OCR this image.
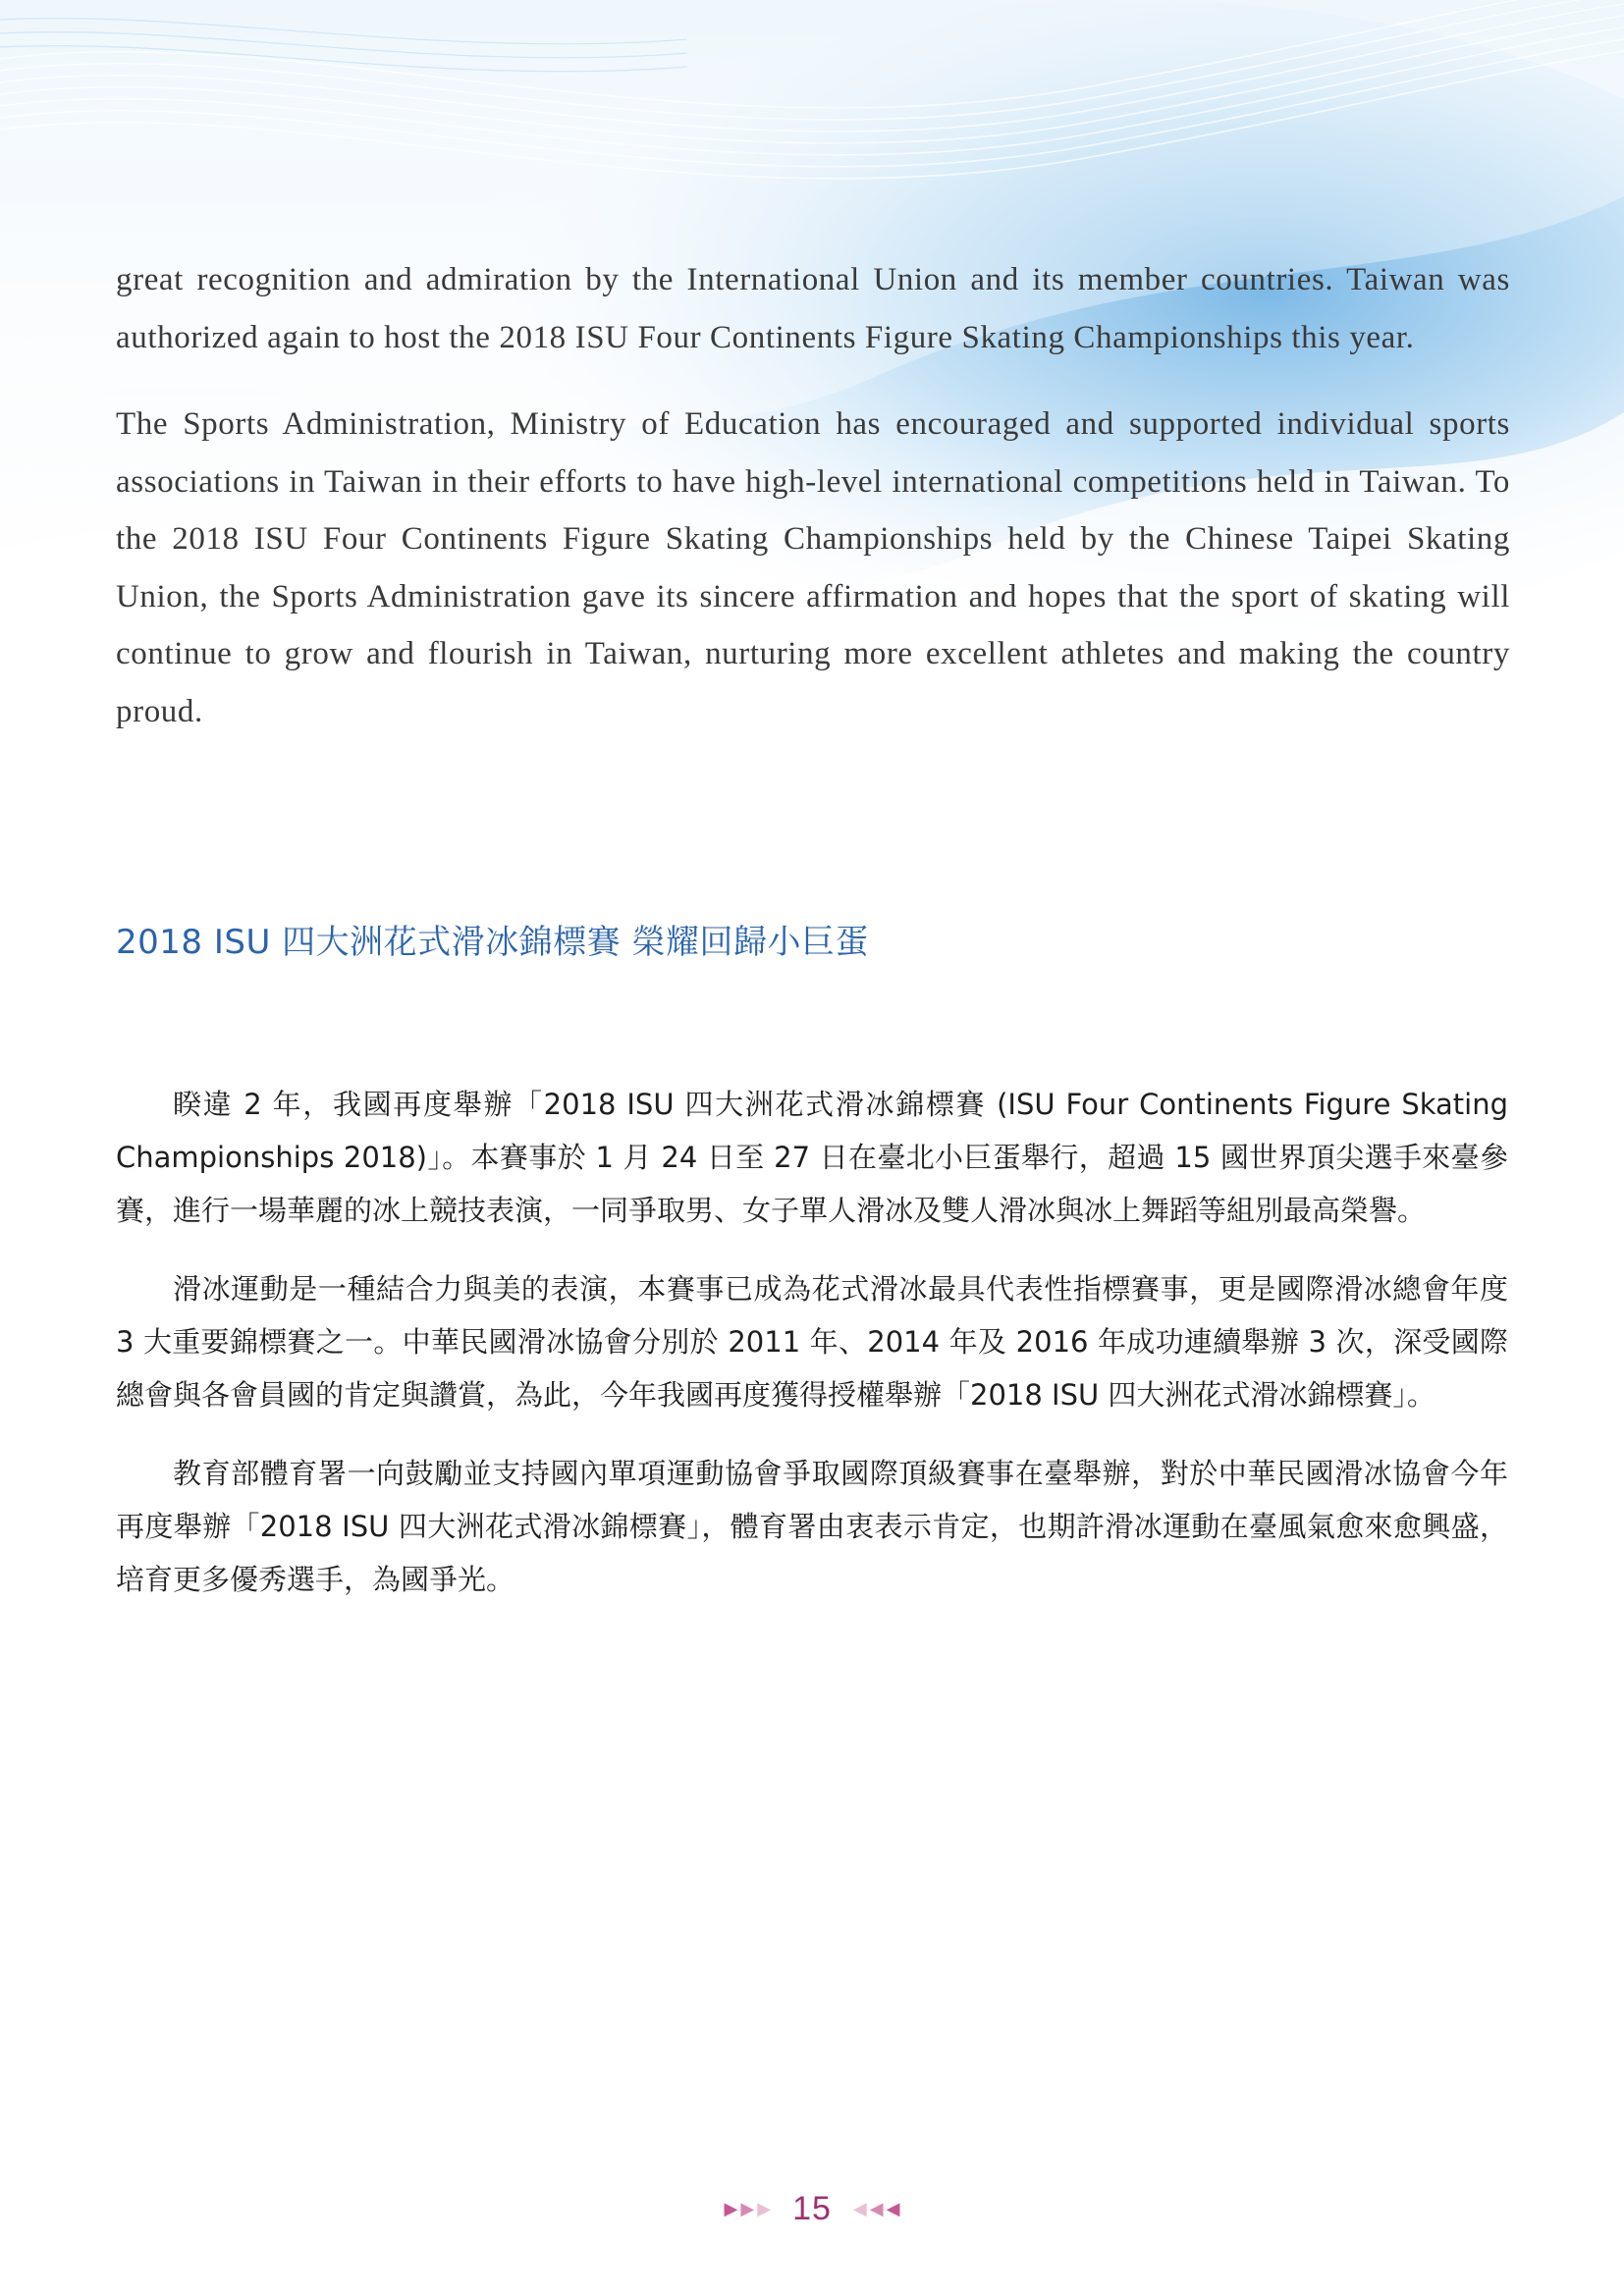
great recognition and admiration by the International Union and its member countries. Taiwan was authorized again to host the 2018 ISU Four Continents Figure Skating Championships this year.

The Sports Administration, Ministry of Education has encouraged and supported individual sports associations in Taiwan in their efforts to have high-level international competitions held in Taiwan. To the 2018 ISU Four Continents Figure Skating Championships held by the Chinese Taipei Skating Union, the Sports Administration gave its sincere affirmation and hopes that the sport of skating will continue to grow and flourish in Taiwan, nurturing more excellent athletes and making the country proud.

2018 ISU 四大洲花式滑冰錦標賽 榮耀回歸小巨蛋

睽違 2 年，我國再度舉辦「2018 ISU 四大洲花式滑冰錦標賽 (ISU Four Continents Figure Skating Championships 2018)」。本賽事於 1 月 24 日至 27 日在臺北小巨蛋舉行，超過 15 國世界頂尖選手來臺參賽，進行一場華麗的冰上競技表演，一同爭取男、女子單人滑冰及雙人滑冰與冰上舞蹈等組別最高榮譽。

滑冰運動是一種結合力與美的表演，本賽事已成為花式滑冰最具代表性指標賽事，更是國際滑冰總會年度 3 大重要錦標賽之一。中華民國滑冰協會分別於 2011 年、2014 年及 2016 年成功連續舉辦 3 次，深受國際總會與各會員國的肯定與讚賞，為此，今年我國再度獲得授權舉辦「2018 ISU 四大洲花式滑冰錦標賽」。

教育部體育署一向鼓勵並支持國內單項運動協會爭取國際頂級賽事在臺舉辦，對於中華民國滑冰協會今年再度舉辦「2018 ISU 四大洲花式滑冰錦標賽」，體育署由衷表示肯定，也期許滑冰運動在臺風氣愈來愈興盛，培育更多優秀選手，為國爭光。

▶ ▶ ▶ 15 ◀ ◀ ◀
